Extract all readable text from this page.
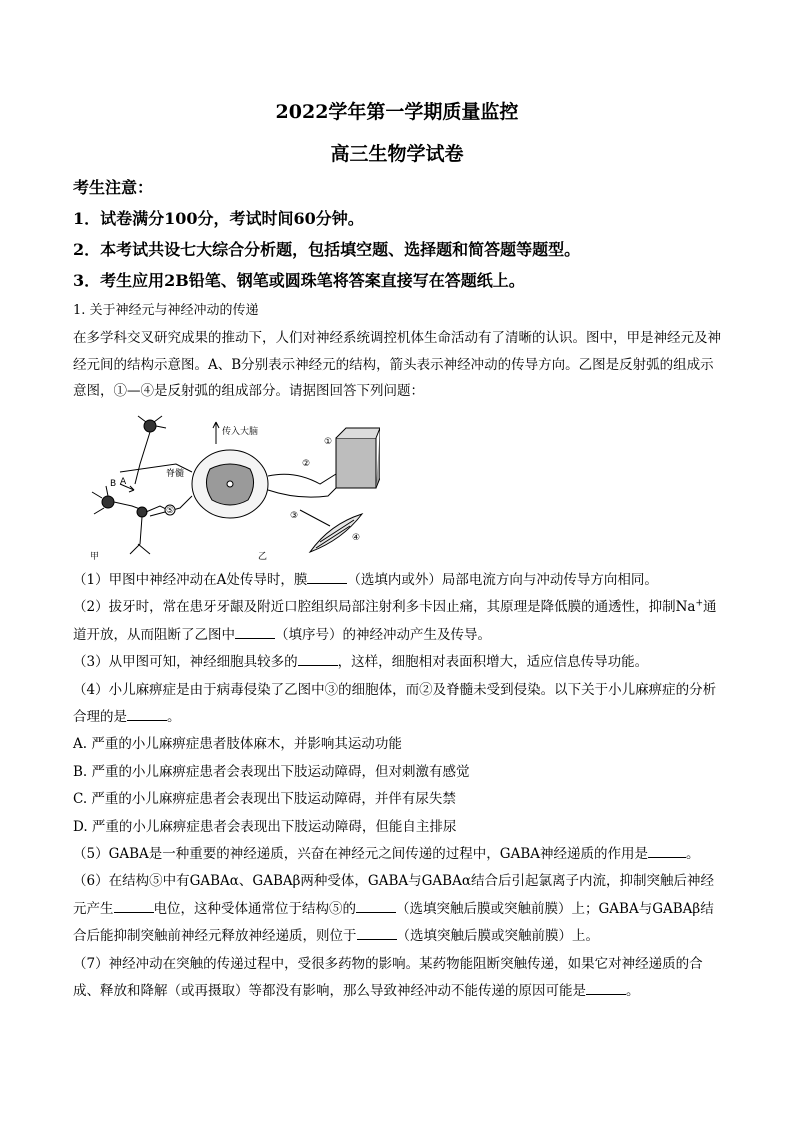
2022学年第一学期质量监控
高三生物学试卷

考生注意：

1．试卷满分100分，考试时间60分钟。

2．本考试共设七大综合分析题，包括填空题、选择题和简答题等题型。

3．考生应用2B铅笔、钢笔或圆珠笔将答案直接写在答题纸上。

1. 关于神经元与神经冲动的传递

在多学科交叉研究成果的推动下，人们对神经系统调控机体生命活动有了清晰的认识。图中，甲是神经元及神经元间的结构示意图。A、B分别表示神经元的结构，箭头表示神经冲动的传导方向。乙图是反射弧的组成示意图，①—④是反射弧的组成部分。请据图回答下列问题：

A
B
甲
传入大脑
脊髓
⑤
②
③
①
④
乙

（1）甲图中神经冲动在A处传导时，膜	（选填内或外）局部电流方向与冲动传导方向相同。

（2）拔牙时，常在患牙牙龈及附近口腔组织局部注射利多卡因止痛，其原理是降低膜的通透性，抑制Na+通道开放，从而阻断了乙图中	（填序号）的神经冲动产生及传导。

（3）从甲图可知，神经细胞具较多的	，这样，细胞相对表面积增大，适应信息传导功能。

（4）小儿麻痹症是由于病毒侵染了乙图中③的细胞体，而②及脊髓未受到侵染。以下关于小儿麻痹症的分析合理的是	。

A. 严重的小儿麻痹症患者肢体麻木，并影响其运动功能

B. 严重的小儿麻痹症患者会表现出下肢运动障碍，但对刺激有感觉

C. 严重的小儿麻痹症患者会表现出下肢运动障碍，并伴有尿失禁

D. 严重的小儿麻痹症患者会表现出下肢运动障碍，但能自主排尿

（5）GABA是一种重要的神经递质，兴奋在神经元之间传递的过程中，GABA神经递质的作用是	。

（6）在结构⑤中有GABAα、GABAβ两种受体，GABA与GABAα结合后引起氯离子内流，抑制突触后神经元产生	电位，这种受体通常位于结构⑤的	（选填突触后膜或突触前膜）上；GABA与GABAβ结合后能抑制突触前神经元释放神经递质，则位于	（选填突触后膜或突触前膜）上。

（7）神经冲动在突触的传递过程中，受很多药物的影响。某药物能阻断突触传递，如果它对神经递质的合成、释放和降解（或再摄取）等都没有影响，那么导致神经冲动不能传递的原因可能是	。
